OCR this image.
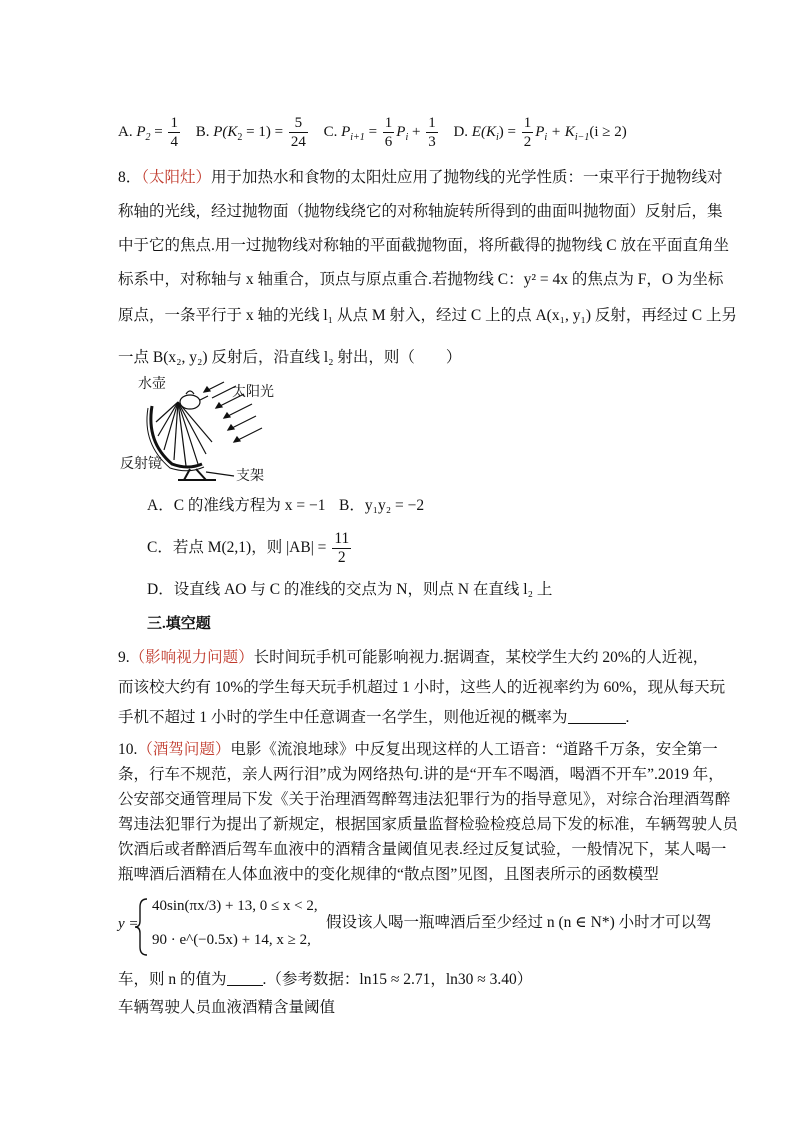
A. $P_2 = \frac{1}{4} B$. $P(K_2 = 1) = \frac{5}{24} C$. $P_{i+1} = \frac{1}{6} P_i + \frac{1}{3} D$. $E(K_i) = \frac{1}{2} P_i + K_{i-1}(i \ge 2)$
8．（太阳灶）用于加热水和食物的太阳灶应用了抛物线的光学性质：一束平行于抛物线对
称轴的光线，经过抛物面（抛物线绕它的对称轴旋转所得到的曲面叫抛物面）反射后，集
中于它的焦点.用一过抛物线对称轴的平面截抛物面，将所截得的抛物线 C 放在平面直角坐
标系中，对称轴与 x 轴重合，顶点与原点重合.若抛物线 C：y² = 4x 的焦点为 F，O 为坐标
原点，一条平行于 x 轴的光线 l₁ 从点 M 射入，经过 C 上的点 A(x₁, y₁) 反射，再经过 C 上另
一点 B(x₂, y₂) 反射后，沿直线 l₂ 射出，则（　　）
水壶
太阳光
反射镜
支架
A．C 的准线方程为 x = −1 B．y₁y₂ = −2
C．若点 M(2,1)，则 $|AB| = \frac{11}{2}$
D．设直线 AO 与 C 的准线的交点为 N，则点 N 在直线 l₂ 上
三.填空题
9.（影响视力问题）长时间玩手机可能影响视力.据调查，某校学生大约 20%的人近视，
而该校大约有 10%的学生每天玩手机超过 1 小时，这些人的近视率约为 60%，现从每天玩
手机不超过 1 小时的学生中任意调查一名学生，则他近视的概率为	.
10.（酒驾问题）电影《流浪地球》中反复出现这样的人工语音：“道路千万条，安全第一
条，行车不规范，亲人两行泪”成为网络热句.讲的是“开车不喝酒，喝酒不开车”.2019 年，
公安部交通管理局下发《关于治理酒驾醉驾违法犯罪行为的指导意见》，对综合治理酒驾醉
驾违法犯罪行为提出了新规定，根据国家质量监督检验检疫总局下发的标准，车辆驾驶人员
饮酒后或者醉酒后驾车血液中的酒精含量阈值见表.经过反复试验，一般情况下，某人喝一
瓶啤酒后酒精在人体血液中的变化规律的“散点图”见图，且图表所示的函数模型
y =
40sin(πx/3) + 13, 0 ≤ x < 2,
90 · e^(−0.5x) + 14, x ≥ 2,
假设该人喝一瓶啤酒后至少经过 n (n ∈ N*) 小时才可以驾
车，则 n 的值为 .（参考数据：ln15 ≈ 2.71，ln30 ≈ 3.40）
车辆驾驶人员血液酒精含量阈值
